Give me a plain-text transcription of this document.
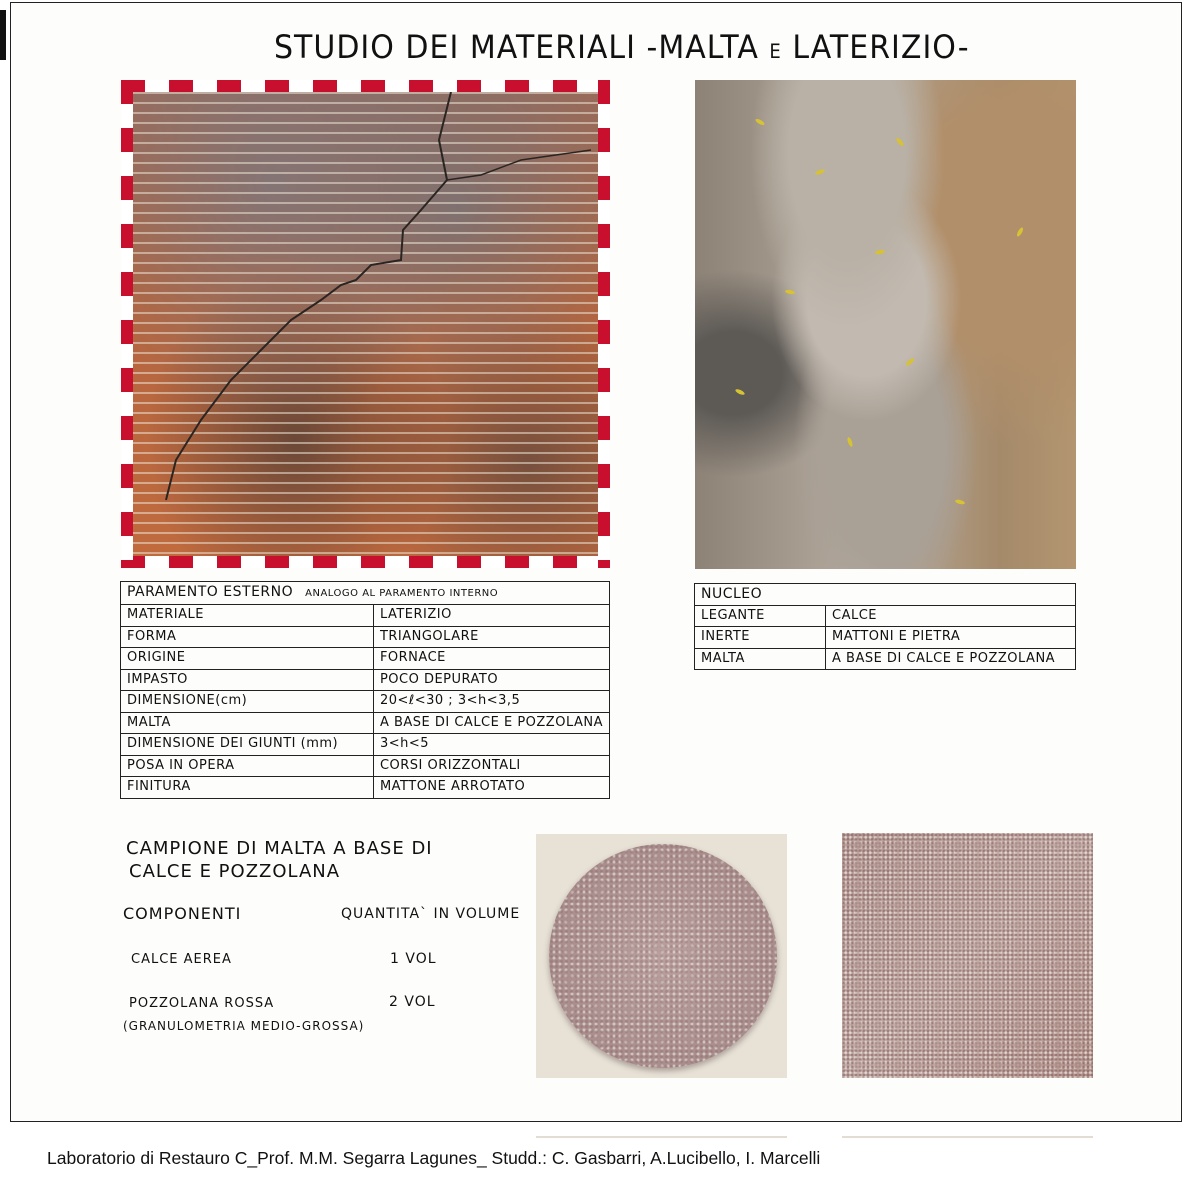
STUDIO DEI MATERIALI -MALTA E LATERIZIO-
PARAMENTO ESTERNO ANALOGO AL PARAMENTO INTERNO	
MATERIALE	LATERIZIO
FORMA	TRIANGOLARE
ORIGINE	FORNACE
IMPASTO	POCO DEPURATO
DIMENSIONE(cm)	20<ℓ<30 ; 3<h<3,5
MALTA	A BASE DI CALCE E POZZOLANA
DIMENSIONE DEI GIUNTI (mm)	3<h<5
POSA IN OPERA	CORSI ORIZZONTALI
FINITURA	MATTONE ARROTATO
NUCLEO	
LEGANTE	CALCE
INERTE	MATTONI E PIETRA
MALTA	A BASE DI CALCE E POZZOLANA
CAMPIONE DI MALTA A BASE DI
CALCE E POZZOLANA
COMPONENTI	QUANTITA` IN VOLUME
CALCE AEREA	1 VOL
POZZOLANA ROSSA	2 VOL
(GRANULOMETRIA MEDIO-GROSSA)
Laboratorio di Restauro C_Prof. M.M. Segarra Lagunes_ Studd.: C. Gasbarri, A.Lucibello, I. Marcelli
